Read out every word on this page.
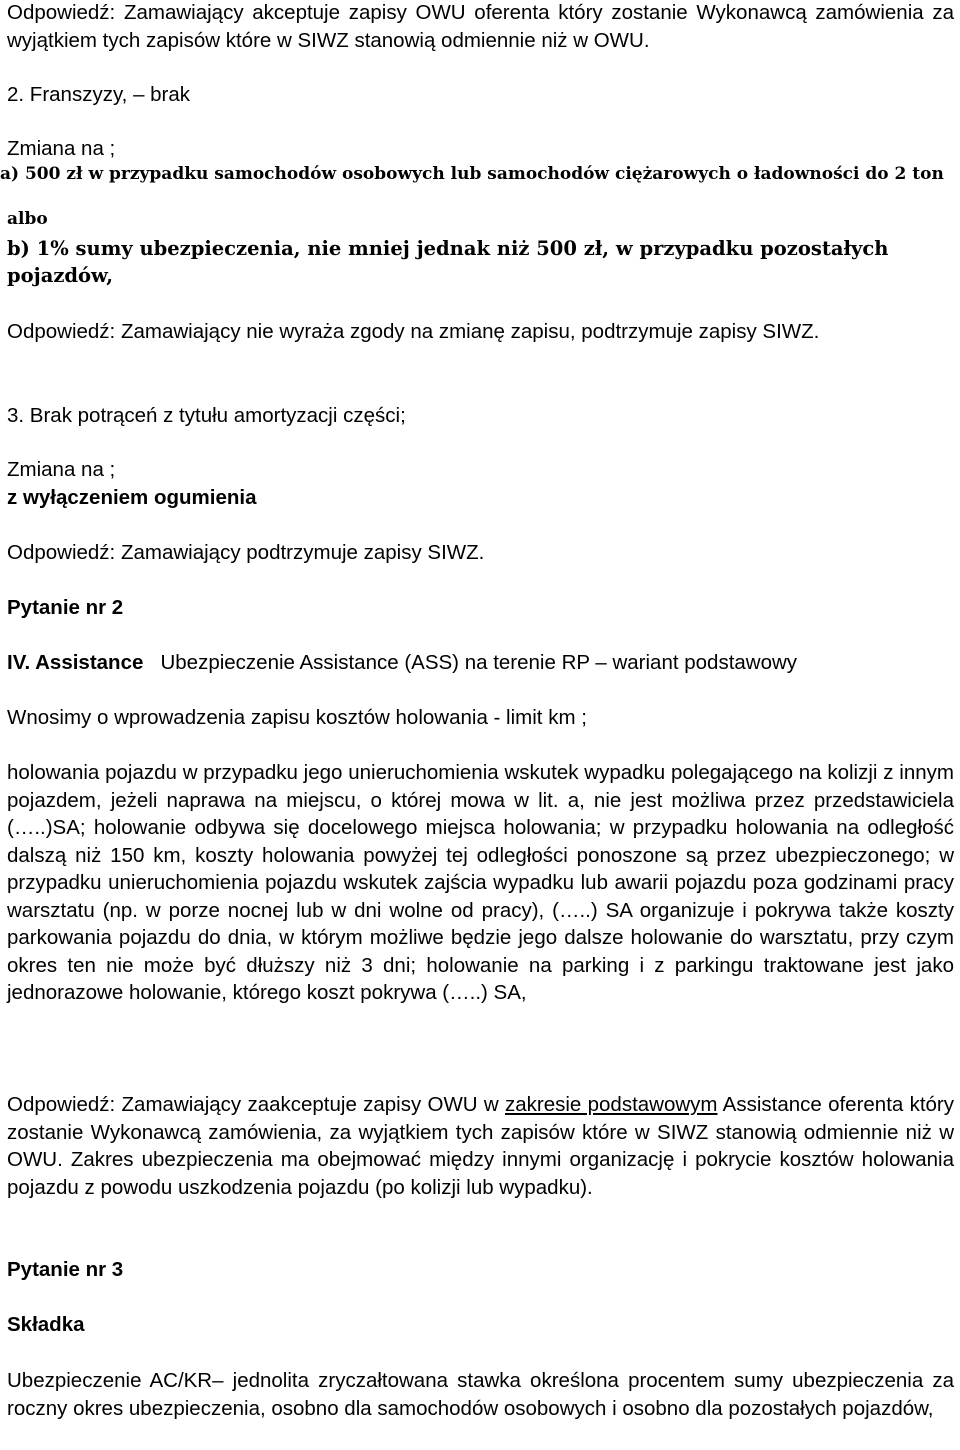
Odpowiedź: Zamawiający akceptuje zapisy OWU oferenta który zostanie Wykonawcą zamówienia za wyjątkiem tych zapisów które w SIWZ stanowią odmiennie niż w OWU.

2. Franszyzy, – brak

Zmiana na ;

a) 500 zł w przypadku samochodów osobowych lub samochodów ciężarowych o ładowności do 2 ton

albo

b) 1% sumy ubezpieczenia, nie mniej jednak niż 500 zł, w przypadku pozostałych pojazdów,

Odpowiedź: Zamawiający nie wyraża zgody na zmianę zapisu, podtrzymuje zapisy SIWZ.

3. Brak potrąceń z tytułu amortyzacji części;

Zmiana na ;

z wyłączeniem ogumienia

Odpowiedź: Zamawiający podtrzymuje zapisy SIWZ.

Pytanie nr 2

IV. Assistance Ubezpieczenie Assistance (ASS) na terenie RP – wariant podstawowy

Wnosimy o wprowadzenia zapisu kosztów holowania - limit km ;

holowania pojazdu w przypadku jego unieruchomienia wskutek wypadku polegającego na kolizji z innym pojazdem, jeżeli naprawa na miejscu, o której mowa w lit. a, nie jest możliwa przez przedstawiciela (…..)SA; holowanie odbywa się docelowego miejsca holowania; w przypadku holowania na odległość dalszą niż 150 km, koszty holowania powyżej tej odległości ponoszone są przez ubezpieczonego; w przypadku unieruchomienia pojazdu wskutek zajścia wypadku lub awarii pojazdu poza godzinami pracy warsztatu (np. w porze nocnej lub w dni wolne od pracy), (…..) SA organizuje i pokrywa także koszty parkowania pojazdu do dnia, w którym możliwe będzie jego dalsze holowanie do warsztatu, przy czym okres ten nie może być dłuższy niż 3 dni; holowanie na parking i z parkingu traktowane jest jako jednorazowe holowanie, którego koszt pokrywa (…..) SA,

Odpowiedź: Zamawiający zaakceptuje zapisy OWU w zakresie podstawowym Assistance oferenta który zostanie Wykonawcą zamówienia, za wyjątkiem tych zapisów które w SIWZ stanowią odmiennie niż w OWU. Zakres ubezpieczenia ma obejmować między innymi organizację i pokrycie kosztów holowania pojazdu z powodu uszkodzenia pojazdu (po kolizji lub wypadku).

Pytanie nr 3

Składka

Ubezpieczenie AC/KR– jednolita zryczałtowana stawka określona procentem sumy ubezpieczenia za roczny okres ubezpieczenia, osobno dla samochodów osobowych i osobno dla pozostałych pojazdów,
